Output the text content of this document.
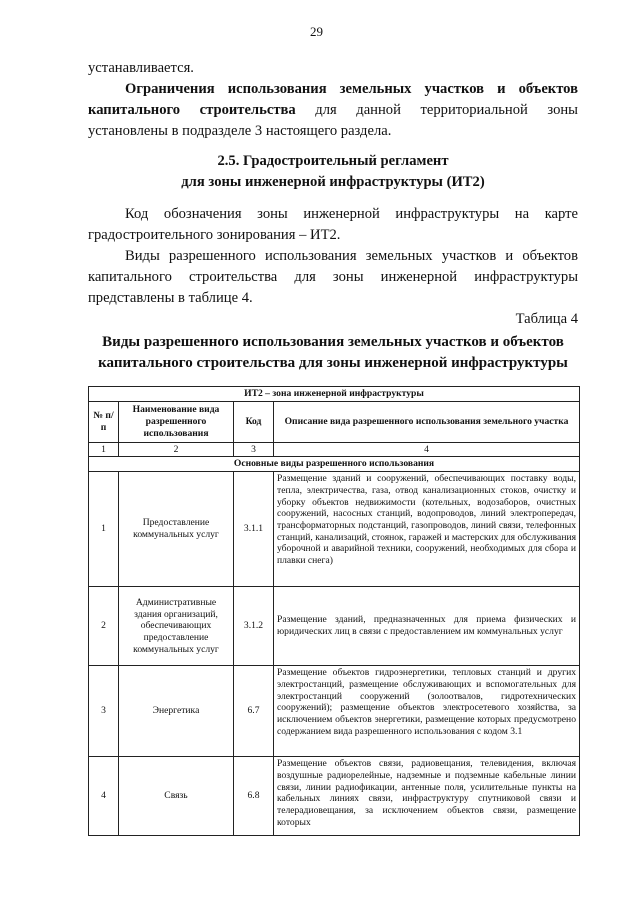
29

устанавливается.

Ограничения использования земельных участков и объектов капитального строительства для данной территориальной зоны установлены в подразделе 3 настоящего раздела.

2.5. Градостроительный регламент
для зоны инженерной инфраструктуры (ИТ2)

Код обозначения зоны инженерной инфраструктуры на карте градостроительного зонирования – ИТ2.

Виды разрешенного использования земельных участков и объектов капитального строительства для зоны инженерной инфраструктуры представлены в таблице 4.

Таблица 4

Виды разрешенного использования земельных участков и объектов
капитального строительства для зоны инженерной инфраструктуры
ИТ2 – зона инженерной инфраструктуры			
№ п/п	Наименование вида разрешенного использования	Код	Описание вида разрешенного использования земельного участка
1	2	3	4
Основные виды разрешенного использования			
1	Предоставление коммунальных услуг	3.1.1	Размещение зданий и сооружений, обеспечивающих поставку воды, тепла, электричества, газа, отвод канализационных стоков, очистку и уборку объектов недвижимости (котельных, водозаборов, очистных сооружений, насосных станций, водопроводов, линий электропередач, трансформаторных подстанций, газопроводов, линий связи, телефонных станций, канализаций, стоянок, гаражей и мастерских для обслуживания уборочной и аварийной техники, сооружений, необходимых для сбора и плавки снега)
2	Административные здания организаций, обеспечивающих предоставление коммунальных услуг	3.1.2	Размещение зданий, предназначенных для приема физических и юридических лиц в связи с предоставлением им коммунальных услуг
3	Энергетика	6.7	Размещение объектов гидроэнергетики, тепловых станций и других электростанций, размещение обслуживающих и вспомогательных для электростанций сооружений (золоотвалов, гидротехнических сооружений); размещение объектов электросетевого хозяйства, за исключением объектов энергетики, размещение которых предусмотрено содержанием вида разрешенного использования с кодом 3.1
4	Связь	6.8	Размещение объектов связи, радиовещания, телевидения, включая воздушные радиорелейные, надземные и подземные кабельные линии связи, линии радиофикации, антенные поля, усилительные пункты на кабельных линиях связи, инфраструктуру спутниковой связи и телерадиовещания, за исключением объектов связи, размещение которых
